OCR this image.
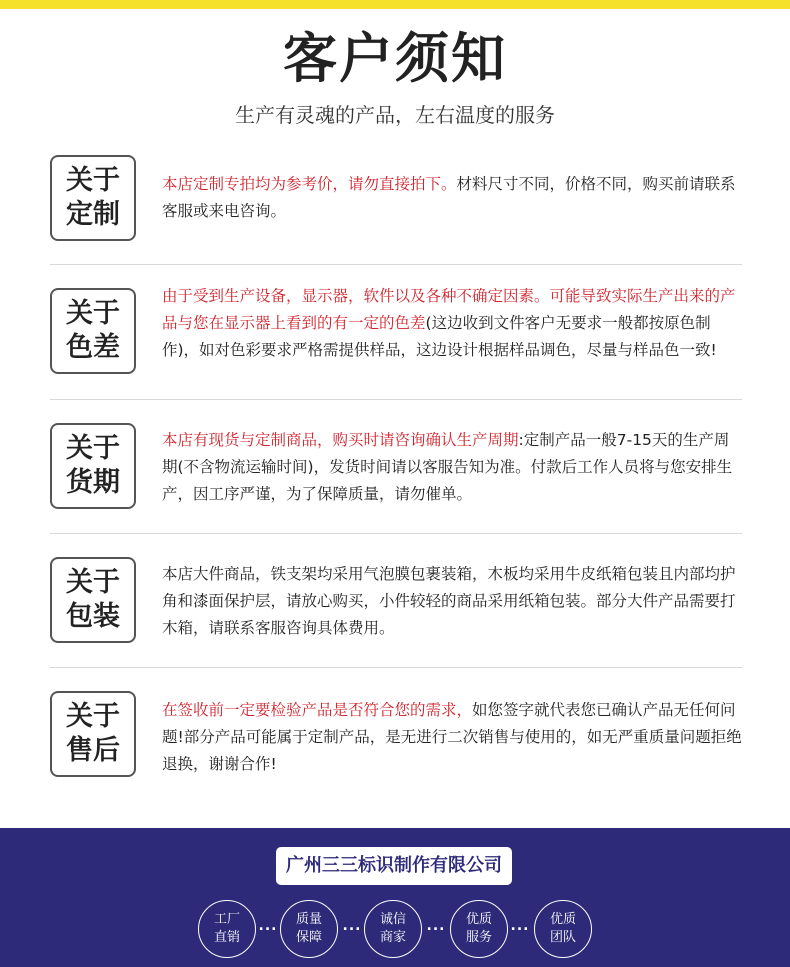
客户须知
生产有灵魂的产品，左右温度的服务
关于
定制

本店定制专拍均为参考价，请勿直接拍下。材料尺寸不同，价格不同，购买前请联系客服或来电咨询。

关于
色差

由于受到生产设备，显示器，软件以及各种不确定因素。可能导致实际生产出来的产品与您在显示器上看到的有一定的色差(这边收到文件客户无要求一般都按原色制作)，如对色彩要求严格需提供样品，这边设计根据样品调色，尽量与样品色一致!

关于
货期

本店有现货与定制商品，购买时请咨询确认生产周期:定制产品一般7-15天的生产周期(不含物流运输时间)，发货时间请以客服告知为准。付款后工作人员将与您安排生产，因工序严谨，为了保障质量，请勿催单。

关于
包装

本店大件商品，铁支架均采用气泡膜包裹装箱，木板均采用牛皮纸箱包装且内部均护角和漆面保护层，请放心购买，小件较轻的商品采用纸箱包装。部分大件产品需要打木箱，请联系客服咨询具体费用。

关于
售后

在签收前一定要检验产品是否符合您的需求，如您签字就代表您已确认产品无任何问题!部分产品可能属于定制产品，是无进行二次销售与使用的，如无严重质量问题拒绝退换，谢谢合作!

广州三三标识制作有限公司
工厂
直销
... 质量
保障
... 诚信
商家
... 优质
服务
... 优质
团队
